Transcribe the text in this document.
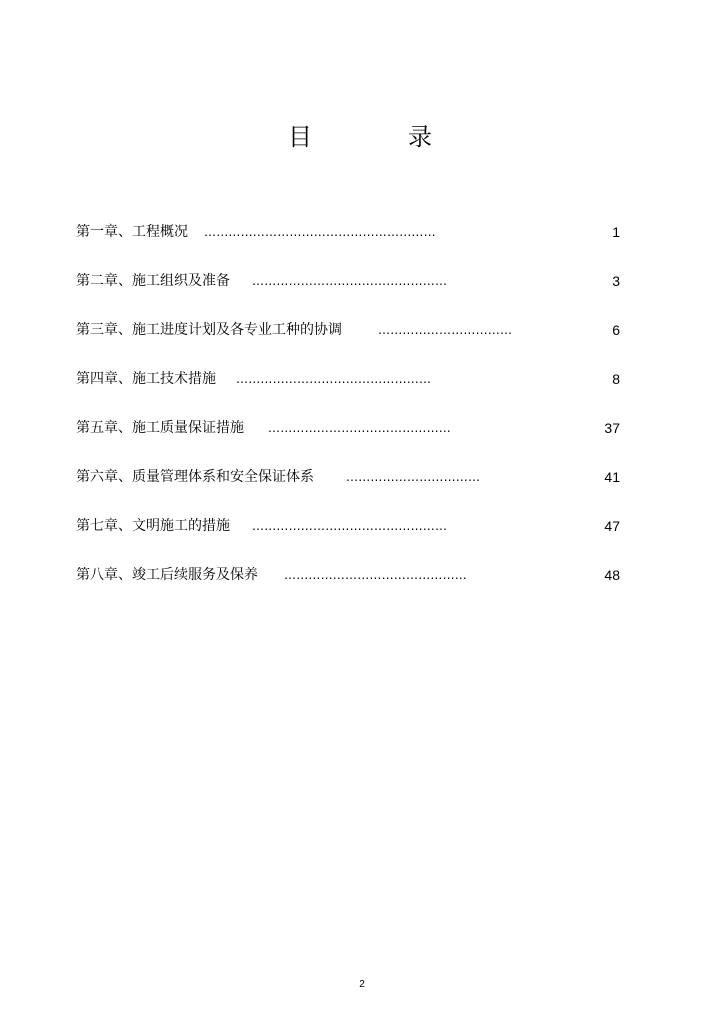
目	录
第一章、工程概况 …………………………………………………	1
第二章、施工组织及准备 …………………………………………	3
第三章、施工进度计划及各专业工种的协调	……………………………	6
第四章、施工技术措施 …………………………………………	8
第五章、施工质量保证措施 ………………………………………	37
第六章、质量管理体系和安全保证体系	……………………………	41
第七章、文明施工的措施 …………………………………………	47
第八章、竣工后续服务及保养 ………………………………………	48
2
